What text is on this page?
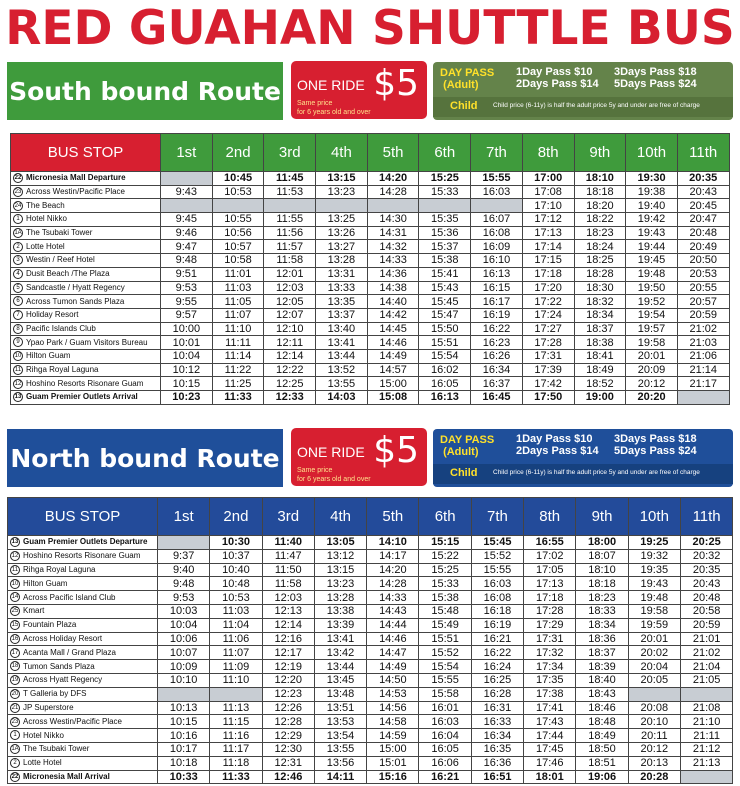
RED GUAHAN SHUTTLE BUS
South bound Route ONE RIDE $5
Same price
for 6 years old and over
DAY PASS
(Adult)
1Day Pass $10 3Days Pass $18
2Days Pass $14 5Days Pass $24
Child Child price (6-11y) is half the adult price 5y and under are free of charge
BUS STOP	1st	2nd	3rd	4th	5th	6th	7th	8th	9th	10th	11th
22 Micronesia Mall Departure		10:45	11:45	13:15	14:20	15:25	15:55	17:00	18:10	19:30	20:35
23 Across Westin/Pacific Place	9:43	10:53	11:53	13:23	14:28	15:33	16:03	17:08	18:18	19:38	20:43
24 The Beach								17:10	18:20	19:40	20:45
1 Hotel Nikko	9:45	10:55	11:55	13:25	14:30	15:35	16:07	17:12	18:22	19:42	20:47
1A The Tsubaki Tower	9:46	10:56	11:56	13:26	14:31	15:36	16:08	17:13	18:23	19:43	20:48
2 Lotte Hotel	9:47	10:57	11:57	13:27	14:32	15:37	16:09	17:14	18:24	19:44	20:49
3 Westin / Reef Hotel	9:48	10:58	11:58	13:28	14:33	15:38	16:10	17:15	18:25	19:45	20:50
4 Dusit Beach /The Plaza	9:51	11:01	12:01	13:31	14:36	15:41	16:13	17:18	18:28	19:48	20:53
5 Sandcastle / Hyatt Regency	9:53	11:03	12:03	13:33	14:38	15:43	16:15	17:20	18:30	19:50	20:55
6 Across Tumon Sands Plaza	9:55	11:05	12:05	13:35	14:40	15:45	16:17	17:22	18:32	19:52	20:57
7 Holiday Resort	9:57	11:07	12:07	13:37	14:42	15:47	16:19	17:24	18:34	19:54	20:59
8 Pacific Islands Club	10:00	11:10	12:10	13:40	14:45	15:50	16:22	17:27	18:37	19:57	21:02
9 Ypao Park / Guam Visitors Bureau	10:01	11:11	12:11	13:41	14:46	15:51	16:23	17:28	18:38	19:58	21:03
10 Hilton Guam	10:04	11:14	12:14	13:44	14:49	15:54	16:26	17:31	18:41	20:01	21:06
11 Rihga Royal Laguna	10:12	11:22	12:22	13:52	14:57	16:02	16:34	17:39	18:49	20:09	21:14
12 Hoshino Resorts Risonare Guam	10:15	11:25	12:25	13:55	15:00	16:05	16:37	17:42	18:52	20:12	21:17
13 Guam Premier Outlets Arrival	10:23	11:33	12:33	14:03	15:08	16:13	16:45	17:50	19:00	20:20	
North bound Route ONE RIDE $5
Same price
for 6 years old and over
DAY PASS
(Adult)
1Day Pass $10 3Days Pass $18
2Days Pass $14 5Days Pass $24
Child Child price (6-11y) is half the adult price 5y and under are free of charge
BUS STOP	1st	2nd	3rd	4th	5th	6th	7th	8th	9th	10th	11th
13 Guam Premier Outlets Departure		10:30	11:40	13:05	14:10	15:15	15:45	16:55	18:00	19:25	20:25
12 Hoshino Resorts Risonare Guam	9:37	10:37	11:47	13:12	14:17	15:22	15:52	17:02	18:07	19:32	20:32
11 Rihga Royal Laguna	9:40	10:40	11:50	13:15	14:20	15:25	15:55	17:05	18:10	19:35	20:35
10 Hilton Guam	9:48	10:48	11:58	13:23	14:28	15:33	16:03	17:13	18:18	19:43	20:43
14 Across Pacific Island Club	9:53	10:53	12:03	13:28	14:33	15:38	16:08	17:18	18:23	19:48	20:48
25 Kmart	10:03	11:03	12:13	13:38	14:43	15:48	16:18	17:28	18:33	19:58	20:58
15 Fountain Plaza	10:04	11:04	12:14	13:39	14:44	15:49	16:19	17:29	18:34	19:59	20:59
16 Across Holiday Resort	10:06	11:06	12:16	13:41	14:46	15:51	16:21	17:31	18:36	20:01	21:01
17 Acanta Mall / Grand Plaza	10:07	11:07	12:17	13:42	14:47	15:52	16:22	17:32	18:37	20:02	21:02
18 Tumon Sands Plaza	10:09	11:09	12:19	13:44	14:49	15:54	16:24	17:34	18:39	20:04	21:04
19 Across Hyatt Regency	10:10	11:10	12:20	13:45	14:50	15:55	16:25	17:35	18:40	20:05	21:05
20 T Galleria by DFS			12:23	13:48	14:53	15:58	16:28	17:38	18:43		
21 JP Superstore	10:13	11:13	12:26	13:51	14:56	16:01	16:31	17:41	18:46	20:08	21:08
23 Across Westin/Pacific Place	10:15	11:15	12:28	13:53	14:58	16:03	16:33	17:43	18:48	20:10	21:10
1 Hotel Nikko	10:16	11:16	12:29	13:54	14:59	16:04	16:34	17:44	18:49	20:11	21:11
1A The Tsubaki Tower	10:17	11:17	12:30	13:55	15:00	16:05	16:35	17:45	18:50	20:12	21:12
2 Lotte Hotel	10:18	11:18	12:31	13:56	15:01	16:06	16:36	17:46	18:51	20:13	21:13
22 Micronesia Mall Arrival	10:33	11:33	12:46	14:11	15:16	16:21	16:51	18:01	19:06	20:28	
